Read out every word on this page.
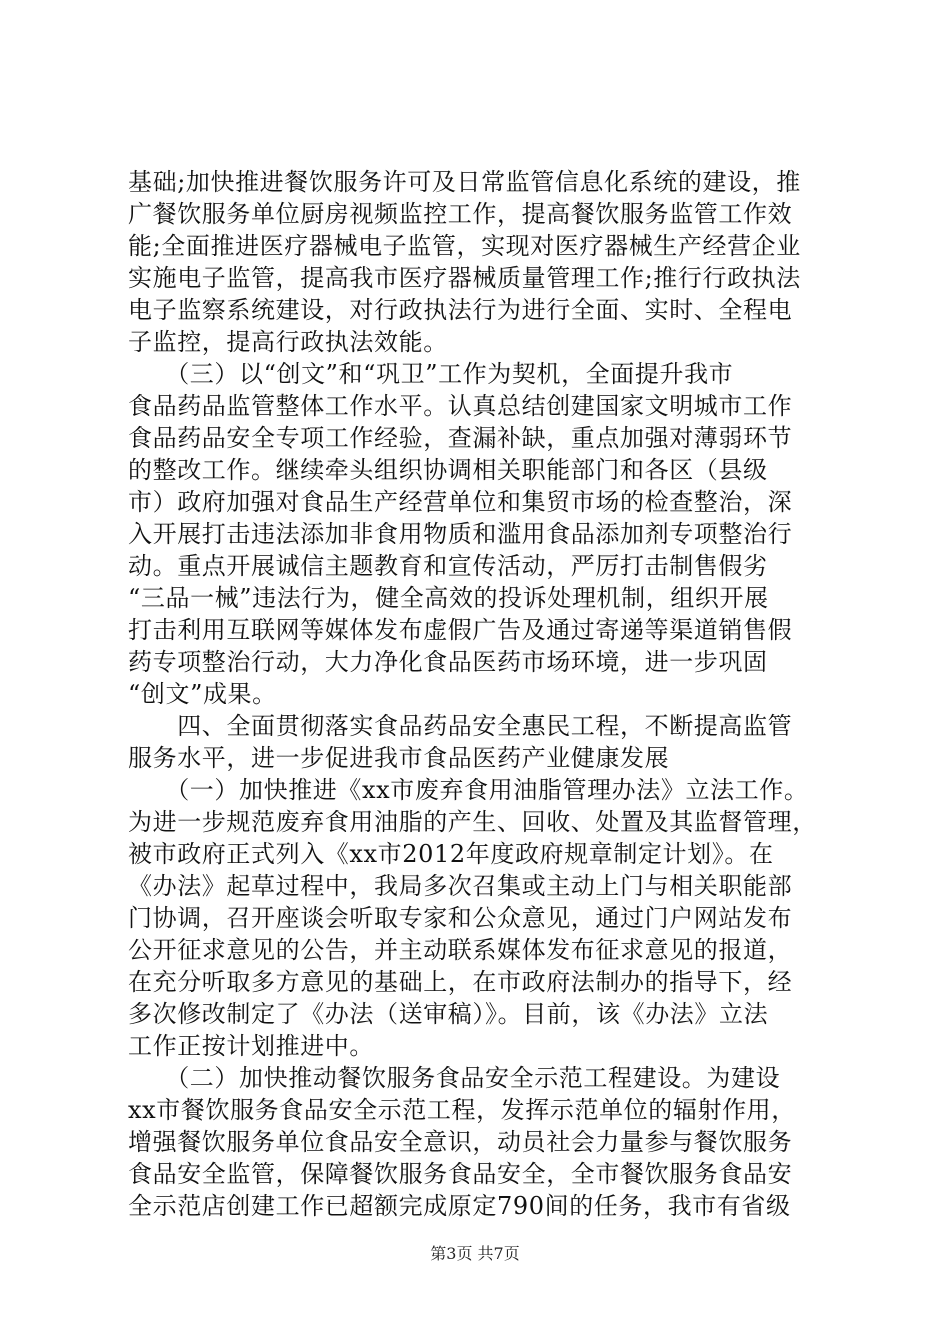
基础;加快推进餐饮服务许可及日常监管信息化系统的建设，推
广餐饮服务单位厨房视频监控工作，提高餐饮服务监管工作效
能;全面推进医疗器械电子监管，实现对医疗器械生产经营企业
实施电子监管，提高我市医疗器械质量管理工作;推行行政执法
电子监察系统建设，对行政执法行为进行全面、实时、全程电
子监控，提高行政执法效能。
　　（三）以“创文”和“巩卫”工作为契机，全面提升我市
食品药品监管整体工作水平。认真总结创建国家文明城市工作
食品药品安全专项工作经验，查漏补缺，重点加强对薄弱环节
的整改工作。继续牵头组织协调相关职能部门和各区（县级
市）政府加强对食品生产经营单位和集贸市场的检查整治，深
入开展打击违法添加非食用物质和滥用食品添加剂专项整治行
动。重点开展诚信主题教育和宣传活动，严厉打击制售假劣
“三品一械”违法行为，健全高效的投诉处理机制，组织开展
打击利用互联网等媒体发布虚假广告及通过寄递等渠道销售假
药专项整治行动，大力净化食品医药市场环境，进一步巩固
“创文”成果。
　　四、全面贯彻落实食品药品安全惠民工程，不断提高监管
服务水平，进一步促进我市食品医药产业健康发展
　　（一）加快推进《xx市废弃食用油脂管理办法》立法工作。
为进一步规范废弃食用油脂的产生、回收、处置及其监督管理，
被市政府正式列入《xx市2012年度政府规章制定计划》。在
《办法》起草过程中，我局多次召集或主动上门与相关职能部
门协调，召开座谈会听取专家和公众意见，通过门户网站发布
公开征求意见的公告，并主动联系媒体发布征求意见的报道，
在充分听取多方意见的基础上，在市政府法制办的指导下，经
多次修改制定了《办法（送审稿）》。目前，该《办法》立法
工作正按计划推进中。
　　（二）加快推动餐饮服务食品安全示范工程建设。为建设
xx市餐饮服务食品安全示范工程，发挥示范单位的辐射作用，
增强餐饮服务单位食品安全意识，动员社会力量参与餐饮服务
食品安全监管，保障餐饮服务食品安全，全市餐饮服务食品安
全示范店创建工作已超额完成原定790间的任务，我市有省级
第3页 共7页
